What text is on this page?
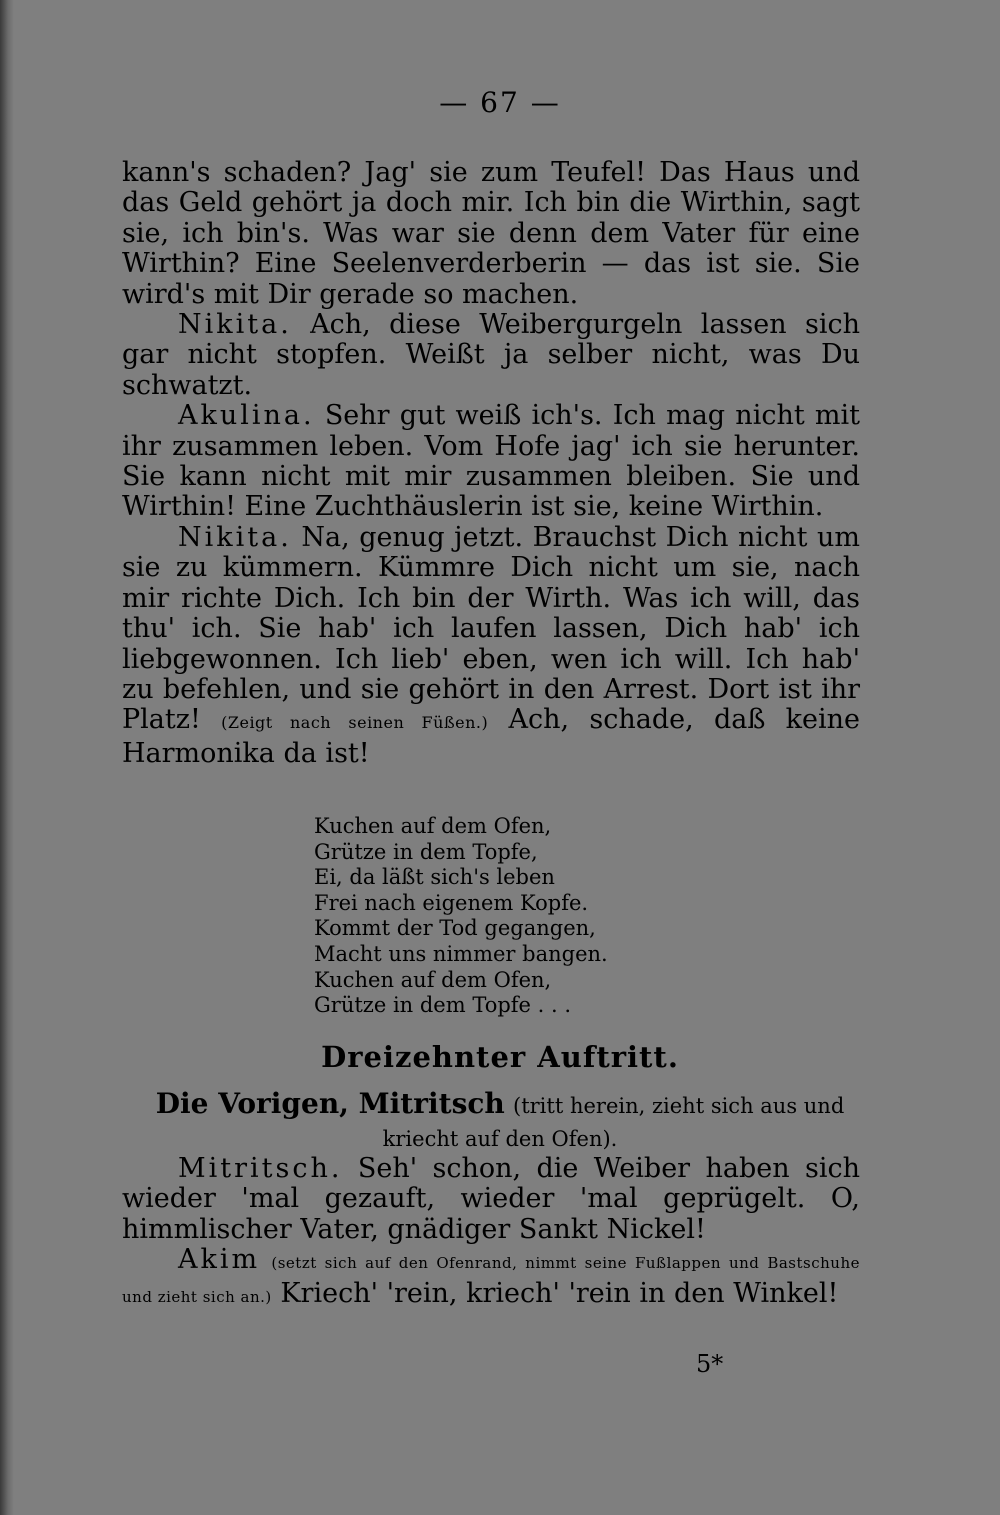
— 67 —

kann's schaden? Jag' sie zum Teufel! Das Haus und das Geld gehört ja doch mir. Ich bin die Wirthin, sagt sie, ich bin's. Was war sie denn dem Vater für eine Wirthin? Eine Seelenverderberin — das ist sie. Sie wird's mit Dir gerade so machen.

Nikita. Ach, diese Weibergurgeln lassen sich gar nicht stopfen. Weißt ja selber nicht, was Du schwatzt.

Akulina. Sehr gut weiß ich's. Ich mag nicht mit ihr zusammen leben. Vom Hofe jag' ich sie herunter. Sie kann nicht mit mir zusammen bleiben. Sie und Wirthin! Eine Zuchthäuslerin ist sie, keine Wirthin.

Nikita. Na, genug jetzt. Brauchst Dich nicht um sie zu kümmern. Kümmre Dich nicht um sie, nach mir richte Dich. Ich bin der Wirth. Was ich will, das thu' ich. Sie hab' ich laufen lassen, Dich hab' ich liebgewonnen. Ich lieb' eben, wen ich will. Ich hab' zu befehlen, und sie gehört in den Arrest. Dort ist ihr Platz! (Zeigt nach seinen Füßen.) Ach, schade, daß keine Harmonika da ist!

Kuchen auf dem Ofen,
Grütze in dem Topfe,
Ei, da läßt sich's leben
Frei nach eigenem Kopfe.
Kommt der Tod gegangen,
Macht uns nimmer bangen.
Kuchen auf dem Ofen,
Grütze in dem Topfe . . .
Dreizehnter Auftritt.
Die Vorigen, Mitritsch (tritt herein, zieht sich aus und kriecht auf den Ofen).

Mitritsch. Seh' schon, die Weiber haben sich wieder 'mal gezauft, wieder 'mal geprügelt. O, himmlischer Vater, gnädiger Sankt Nickel!

Akim (setzt sich auf den Ofenrand, nimmt seine Fußlappen und Bastschuhe und zieht sich an.) Kriech' 'rein, kriech' 'rein in den Winkel!

5*
